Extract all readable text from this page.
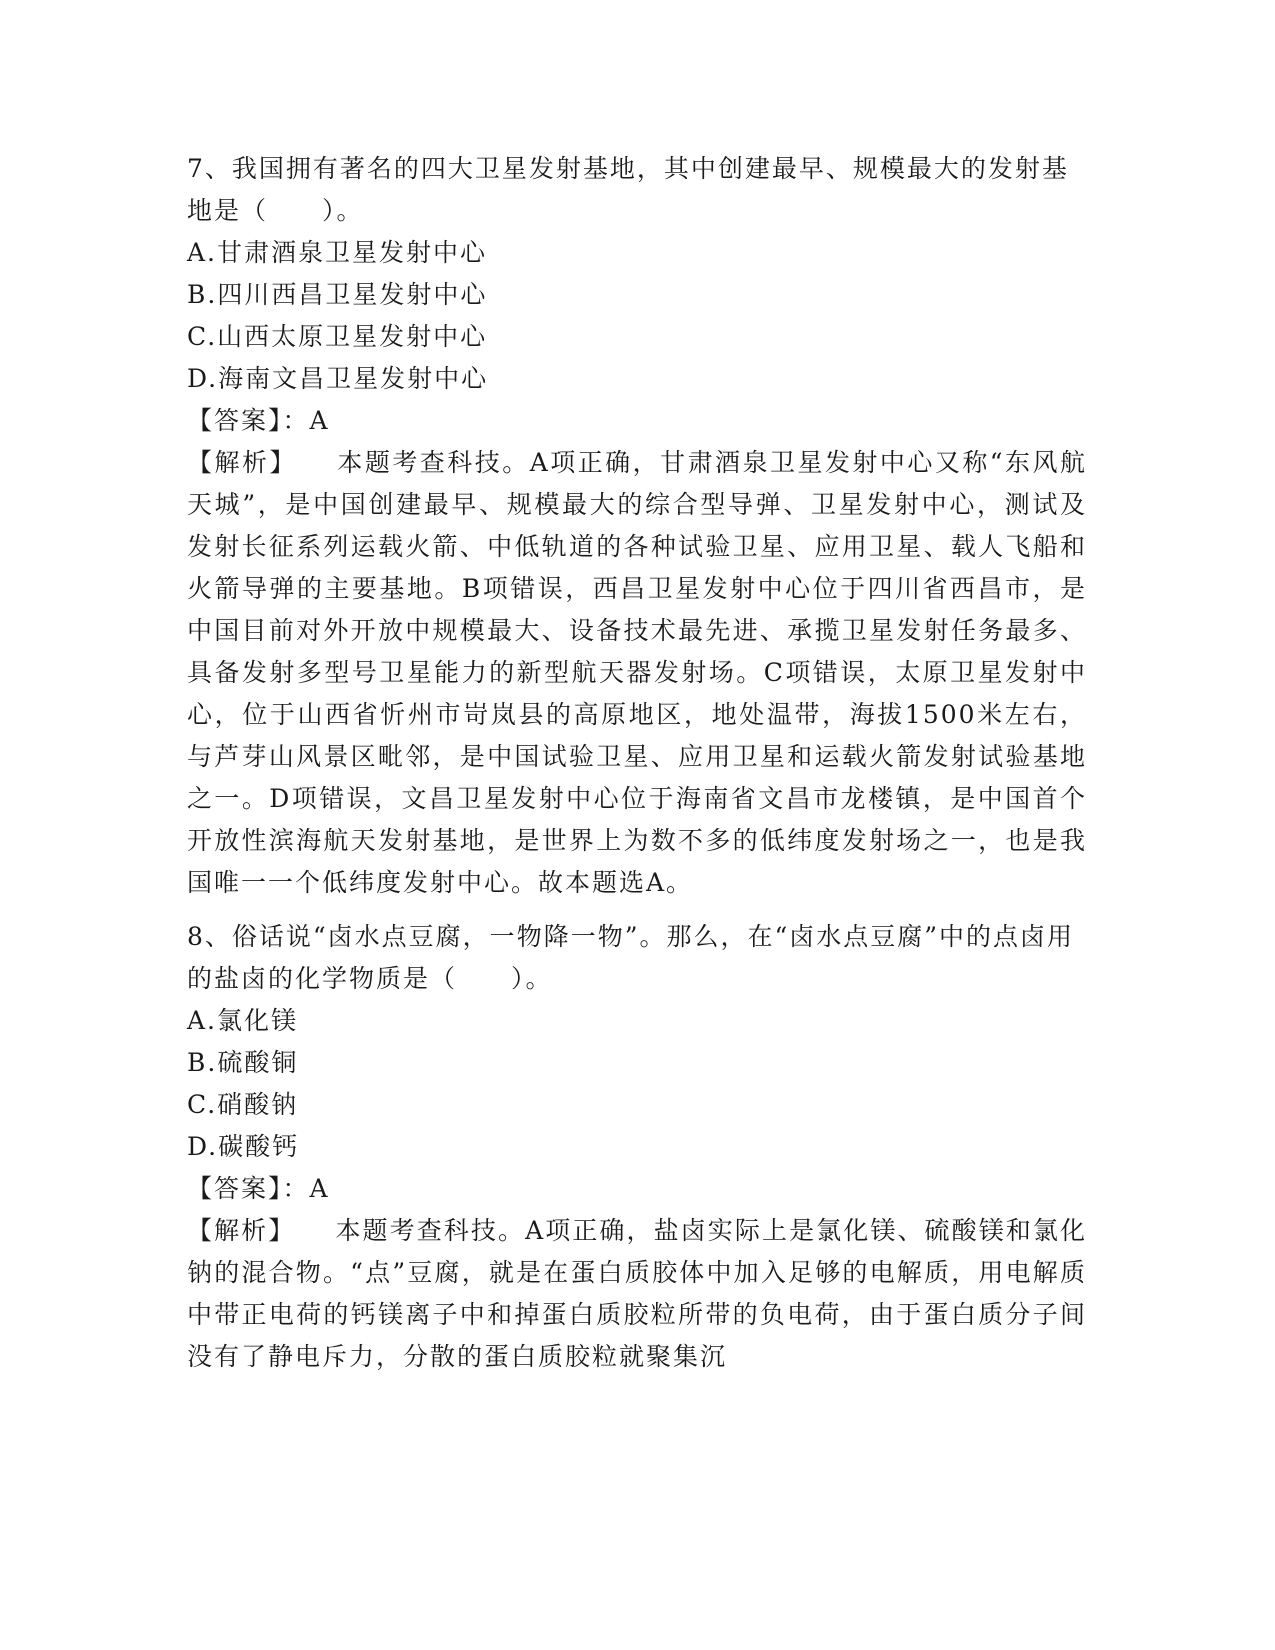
7、我国拥有著名的四大卫星发射基地，其中创建最早、规模最大的发射基地是（　　）。

A.甘肃酒泉卫星发射中心

B.四川西昌卫星发射中心

C.山西太原卫星发射中心

D.海南文昌卫星发射中心

【答案】：A

【解析】 本题考查科技。A项正确，甘肃酒泉卫星发射中心又称“东风航天城”，是中国创建最早、规模最大的综合型导弹、卫星发射中心，测试及发射长征系列运载火箭、中低轨道的各种试验卫星、应用卫星、载人飞船和火箭导弹的主要基地。B项错误，西昌卫星发射中心位于四川省西昌市，是中国目前对外开放中规模最大、设备技术最先进、承揽卫星发射任务最多、具备发射多型号卫星能力的新型航天器发射场。C项错误，太原卫星发射中心，位于山西省忻州市岢岚县的高原地区，地处温带，海拔1500米左右，与芦芽山风景区毗邻，是中国试验卫星、应用卫星和运载火箭发射试验基地之一。D项错误，文昌卫星发射中心位于海南省文昌市龙楼镇，是中国首个开放性滨海航天发射基地，是世界上为数不多的低纬度发射场之一，也是我国唯一一个低纬度发射中心。故本题选A。

8、俗话说“卤水点豆腐，一物降一物”。那么，在“卤水点豆腐”中的点卤用的盐卤的化学物质是（　　）。

A.氯化镁

B.硫酸铜

C.硝酸钠

D.碳酸钙

【答案】：A

【解析】 本题考查科技。A项正确，盐卤实际上是氯化镁、硫酸镁和氯化钠的混合物。“点”豆腐，就是在蛋白质胶体中加入足够的电解质，用电解质中带正电荷的钙镁离子中和掉蛋白质胶粒所带的负电荷，由于蛋白质分子间没有了静电斥力，分散的蛋白质胶粒就聚集沉
